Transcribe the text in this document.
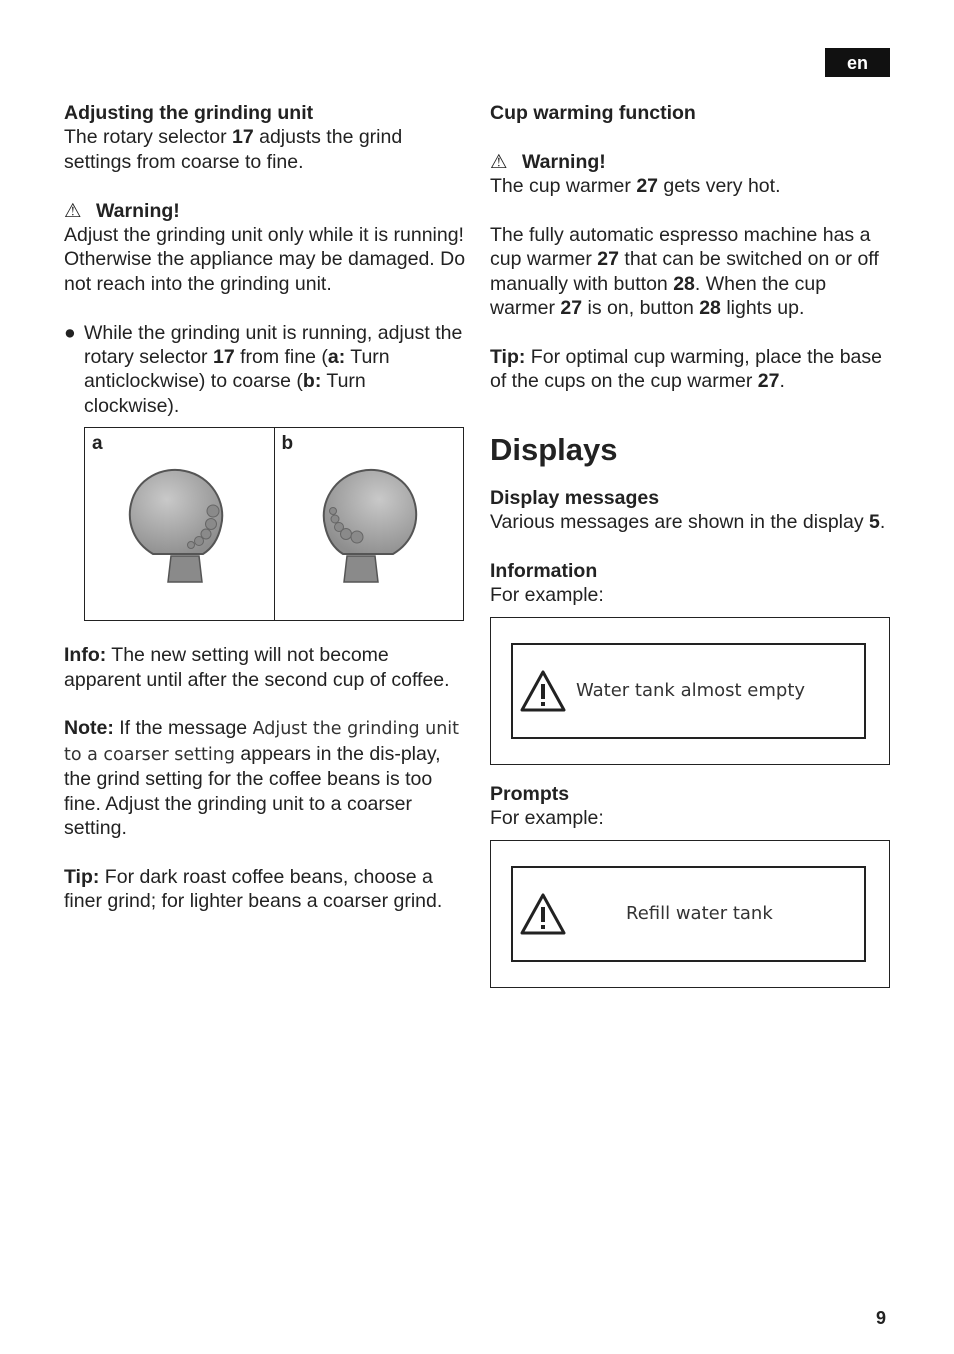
en

Adjusting the grinding unit

The rotary selector 17 adjusts the grind settings from coarse to fine.

⚠ Warning!

Adjust the grinding unit only while it is running! Otherwise the appliance may be damaged. Do not reach into the grinding unit.

● While the grinding unit is running, adjust the rotary selector 17 from fine (a: Turn anticlockwise) to coarse (b: Turn clockwise).
a	b

Info: The new setting will not become apparent until after the second cup of coffee.

Note: If the message Adjust the grinding unit to a coarser setting appears in the dis-play, the grind setting for the coffee beans is too fine. Adjust the grinding unit to a coarser setting.

Tip: For dark roast coffee beans, choose a finer grind; for lighter beans a coarser grind.

Cup warming function

⚠ Warning!

The cup warmer 27 gets very hot.

The fully automatic espresso machine has a cup warmer 27 that can be switched on or off manually with button 28. When the cup warmer 27 is on, button 28 lights up.

Tip: For optimal cup warming, place the base of the cups on the cup warmer 27.

Displays

Display messages

Various messages are shown in the display 5.

Information

For example:

Water tank almost empty

Prompts

For example:

Refill water tank
9
